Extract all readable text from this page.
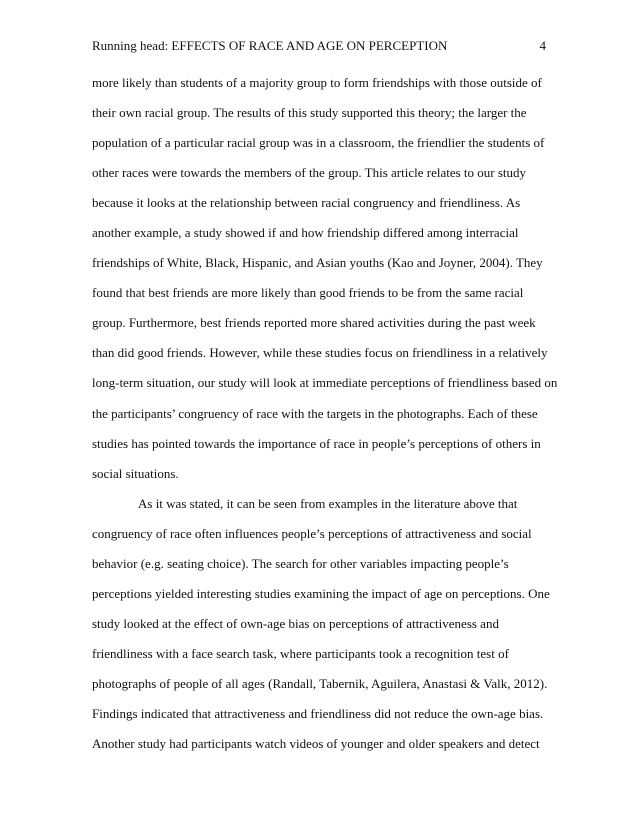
Running head: EFFECTS OF RACE AND AGE ON PERCEPTION	4
more likely than students of a majority group to form friendships with those outside of
their own racial group. The results of this study supported this theory; the larger the
population of a particular racial group was in a classroom, the friendlier the students of
other races were towards the members of the group. This article relates to our study
because it looks at the relationship between racial congruency and friendliness. As
another example, a study showed if and how friendship differed among interracial
friendships of White, Black, Hispanic, and Asian youths (Kao and Joyner, 2004). They
found that best friends are more likely than good friends to be from the same racial
group. Furthermore, best friends reported more shared activities during the past week
than did good friends. However, while these studies focus on friendliness in a relatively
long-term situation, our study will look at immediate perceptions of friendliness based on
the participants’ congruency of race with the targets in the photographs. Each of these
studies has pointed towards the importance of race in people’s perceptions of others in
social situations.
As it was stated, it can be seen from examples in the literature above that
congruency of race often influences people’s perceptions of attractiveness and social
behavior (e.g. seating choice). The search for other variables impacting people’s
perceptions yielded interesting studies examining the impact of age on perceptions. One
study looked at the effect of own-age bias on perceptions of attractiveness and
friendliness with a face search task, where participants took a recognition test of
photographs of people of all ages (Randall, Tabernik, Aguilera, Anastasi & Valk, 2012).
Findings indicated that attractiveness and friendliness did not reduce the own-age bias.
Another study had participants watch videos of younger and older speakers and detect
